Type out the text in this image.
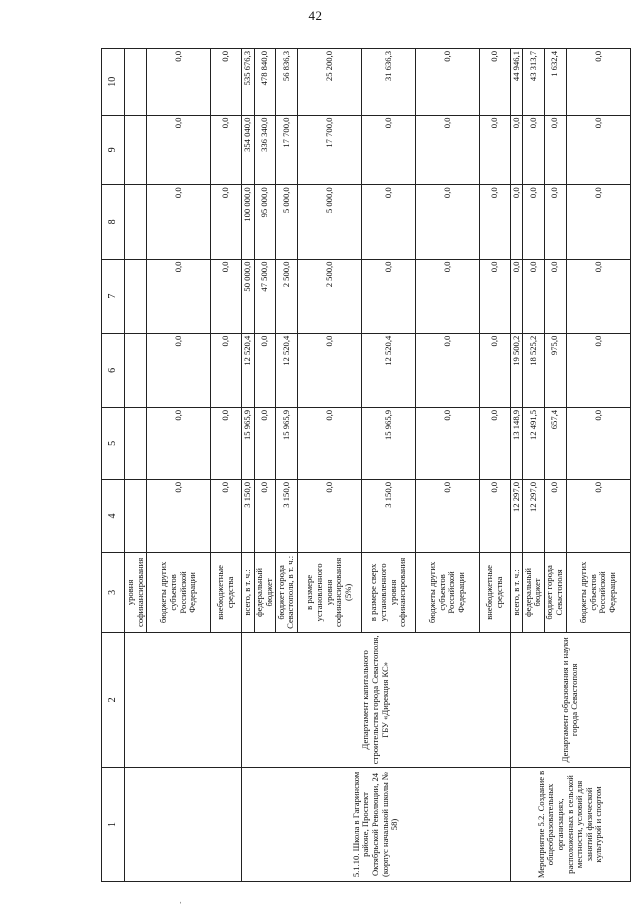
42
1	2	3	4	5	6	7	8	9	10
		уровня софинансирования							
		бюджеты других субъектов Российской Федерации	0,0	0,0	0,0	0,0	0,0	0,0	0,0
		внебюджетные средства	0,0	0,0	0,0	0,0	0,0	0,0	0,0
5.1.10. Школа в Гагаринском районе, Проспект Октябрьской Революции, 24 (корпус начальной школы № 58)	Департамент капитального строительства города Севастополя, ГБУ «Дирекция КС»	всего, в т. ч.:	3 150,0	15 965,9	12 520,4	50 000,0	100 000,0	354 040,0	535 676,3
		федеральный бюджет	0,0	0,0	0,0	47 500,0	95 000,0	336 340,0	478 840,0
		бюджет города Севастополя, в т. ч.:	3 150,0	15 965,9	12 520,4	2 500,0	5 000,0	17 700,0	56 836,3
		в размере установленного уровня софинансирования (5%)	0,0	0,0	0,0	2 500,0	5 000,0	17 700,0	25 200,0
		в размере сверх установленного уровня софинансирования	3 150,0	15 965,9	12 520,4	0,0	0,0	0,0	31 636,3
		бюджеты других субъектов Российской Федерации	0,0	0,0	0,0	0,0	0,0	0,0	0,0
		внебюджетные средства	0,0	0,0	0,0	0,0	0,0	0,0	0,0
Мероприятие 5.2. Создание в общеобразовательных организациях, расположенных в сельской местности, условий для занятий физической культурой и спортом	Департамент образования и науки города Севастополя	всего, в т. ч.:	12 297,0	13 148,9	19 500,2	0,0	0,0	0,0	44 946,1
		федеральный бюджет	12 297,0	12 491,5	18 525,2	0,0	0,0	0,0	43 313,7
		бюджет города Севастополя	0,0	657,4	975,0	0,0	0,0	0,0	1 632,4
		бюджеты других субъектов Российской Федерации	0,0	0,0	0,0	0,0	0,0	0,0	0,0
ˌ
